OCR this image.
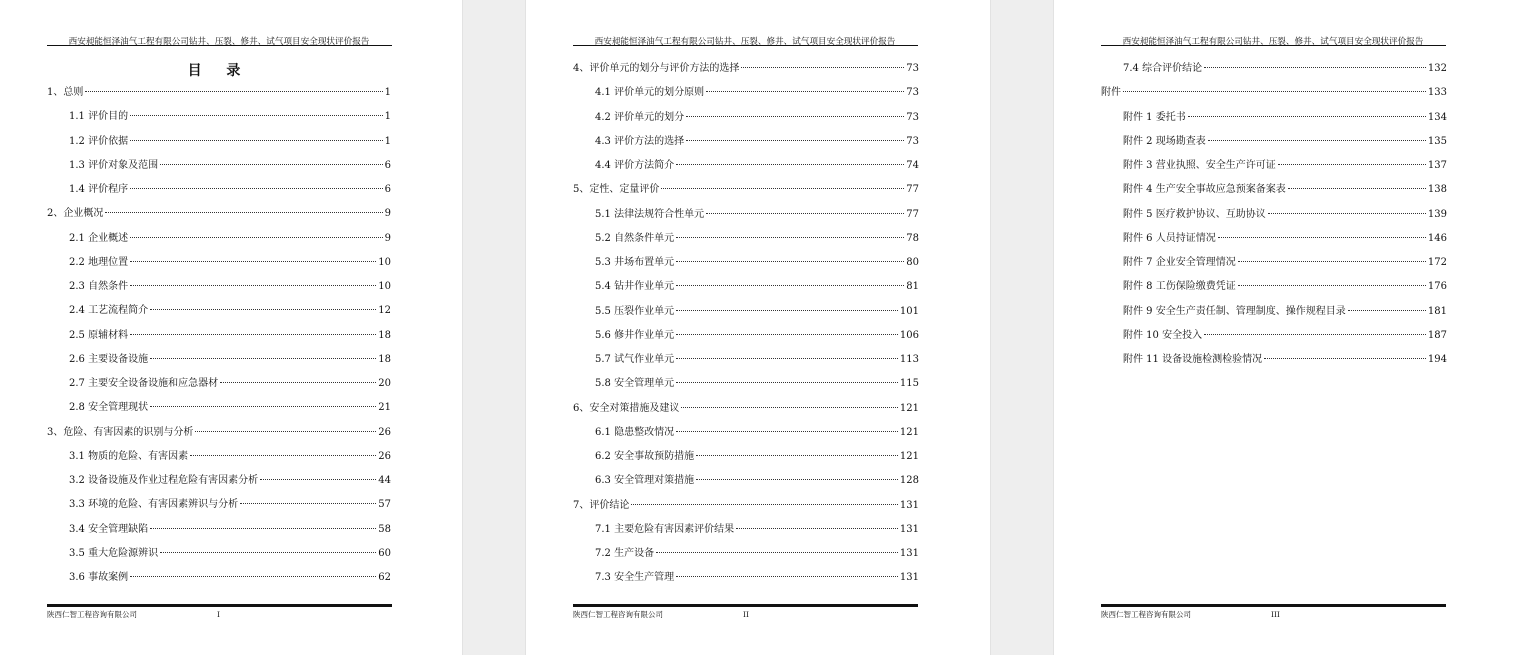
西安昶能恒泽油气工程有限公司钻井、压裂、修井、试气项目安全现状评价报告
目 录
1、总则	1
1.1 评价目的	1
1.2 评价依据	1
1.3 评价对象及范围	6
1.4 评价程序	6
2、企业概况	9
2.1 企业概述	9
2.2 地理位置	10
2.3 自然条件	10
2.4 工艺流程简介	12
2.5 原辅材料	18
2.6 主要设备设施	18
2.7 主要安全设备设施和应急器材	20
2.8 安全管理现状	21
3、危险、有害因素的识别与分析	26
3.1 物质的危险、有害因素	26
3.2 设备设施及作业过程危险有害因素分析	44
3.3 环境的危险、有害因素辨识与分析	57
3.4 安全管理缺陷	58
3.5 重大危险源辨识	60
3.6 事故案例	62
陕西仁智工程咨询有限公司	I
西安昶能恒泽油气工程有限公司钻井、压裂、修井、试气项目安全现状评价报告
4、评价单元的划分与评价方法的选择	73
4.1 评价单元的划分原则	73
4.2 评价单元的划分	73
4.3 评价方法的选择	73
4.4 评价方法简介	74
5、定性、定量评价	77
5.1 法律法规符合性单元	77
5.2 自然条件单元	78
5.3 井场布置单元	80
5.4 钻井作业单元	81
5.5 压裂作业单元	101
5.6 修井作业单元	106
5.7 试气作业单元	113
5.8 安全管理单元	115
6、安全对策措施及建议	121
6.1 隐患整改情况	121
6.2 安全事故预防措施	121
6.3 安全管理对策措施	128
7、评价结论	131
7.1 主要危险有害因素评价结果	131
7.2 生产设备	131
7.3 安全生产管理	131
陕西仁智工程咨询有限公司	II
西安昶能恒泽油气工程有限公司钻井、压裂、修井、试气项目安全现状评价报告
7.4 综合评价结论	132
附件	133
附件 1 委托书	134
附件 2 现场勘查表	135
附件 3 营业执照、安全生产许可证	137
附件 4 生产安全事故应急预案备案表	138
附件 5 医疗救护协议、互助协议	139
附件 6 人员持证情况	146
附件 7 企业安全管理情况	172
附件 8 工伤保险缴费凭证	176
附件 9 安全生产责任制、管理制度、操作规程目录	181
附件 10 安全投入	187
附件 11 设备设施检测检验情况	194
陕西仁智工程咨询有限公司	III
